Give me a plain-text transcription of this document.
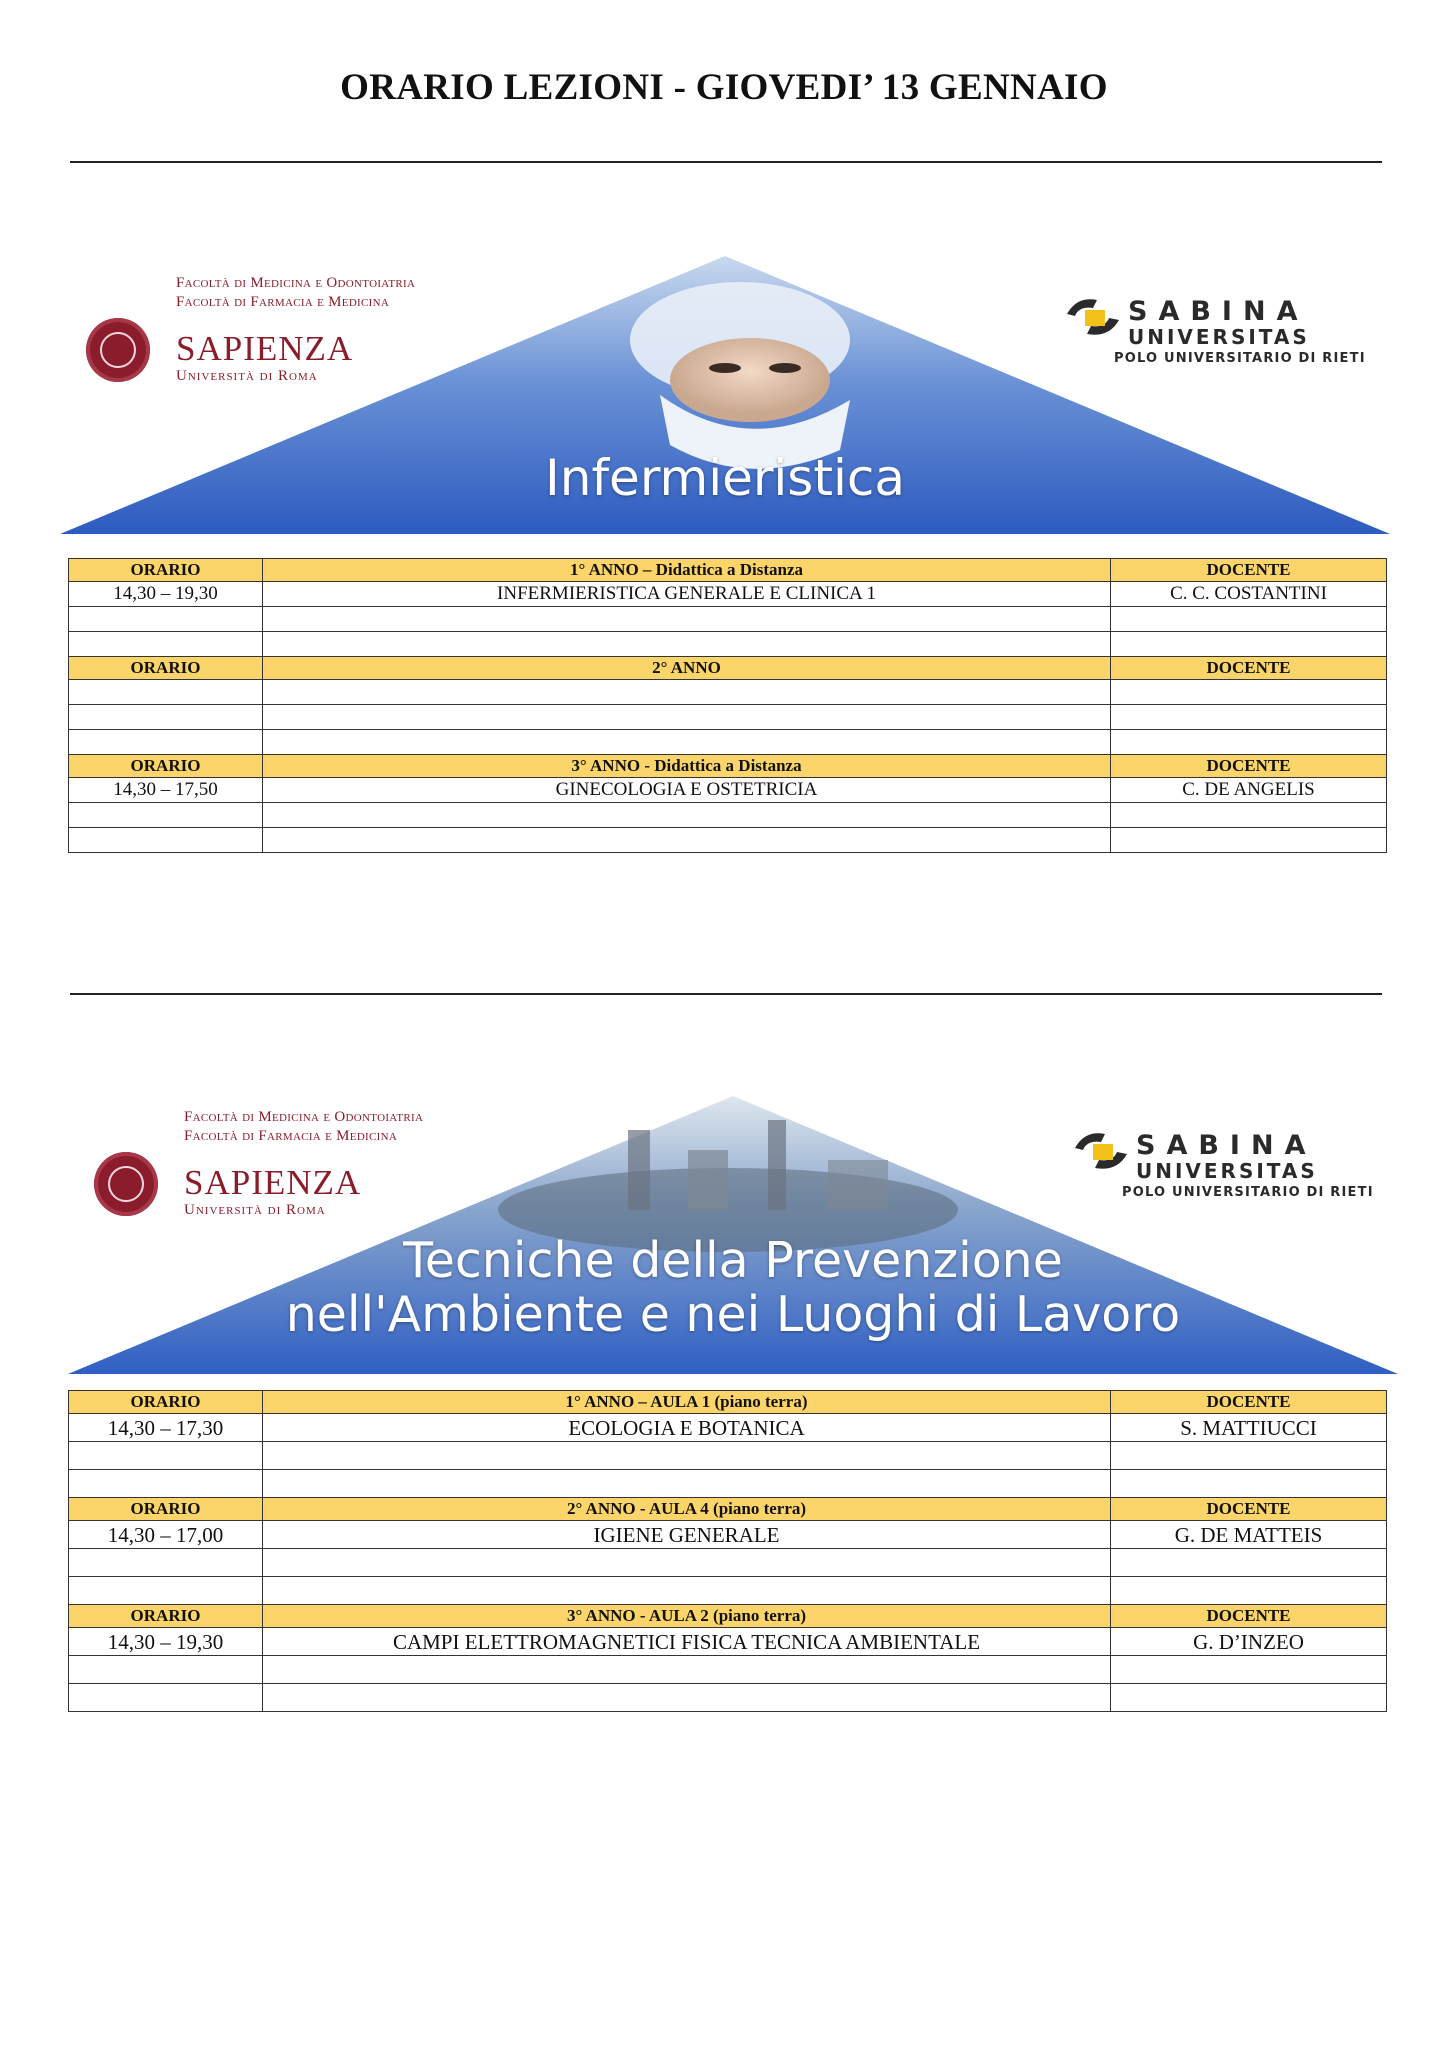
ORARIO LEZIONI - GIOVEDI’ 13 GENNAIO
Facoltà di Medicina e Odontoiatria
Facoltà di Farmacia e Medicina
SAPIENZA
Università di Roma
SABINA
UNIVERSITAS
POLO UNIVERSITARIO DI RIETI
Infermieristica
ORARIO	1° ANNO – Didattica a Distanza	DOCENTE
14,30 – 19,30	INFERMIERISTICA GENERALE E CLINICA 1	C. C. COSTANTINI

ORARIO	2° ANNO	DOCENTE

ORARIO	3° ANNO - Didattica a Distanza	DOCENTE
14,30 – 17,50	GINECOLOGIA E OSTETRICIA	C. DE ANGELIS

Facoltà di Medicina e Odontoiatria
Facoltà di Farmacia e Medicina
SAPIENZA
Università di Roma
SABINA
UNIVERSITAS
POLO UNIVERSITARIO DI RIETI
Tecniche della Prevenzione
nell'Ambiente e nei Luoghi di Lavoro
ORARIO	1° ANNO – AULA 1 (piano terra)	DOCENTE
14,30 – 17,30	ECOLOGIA E BOTANICA	S. MATTIUCCI

ORARIO	2° ANNO - AULA 4 (piano terra)	DOCENTE
14,30 – 17,00	IGIENE GENERALE	G. DE MATTEIS

ORARIO	3° ANNO - AULA 2 (piano terra)	DOCENTE
14,30 – 19,30	CAMPI ELETTROMAGNETICI FISICA TECNICA AMBIENTALE	G. D’INZEO
